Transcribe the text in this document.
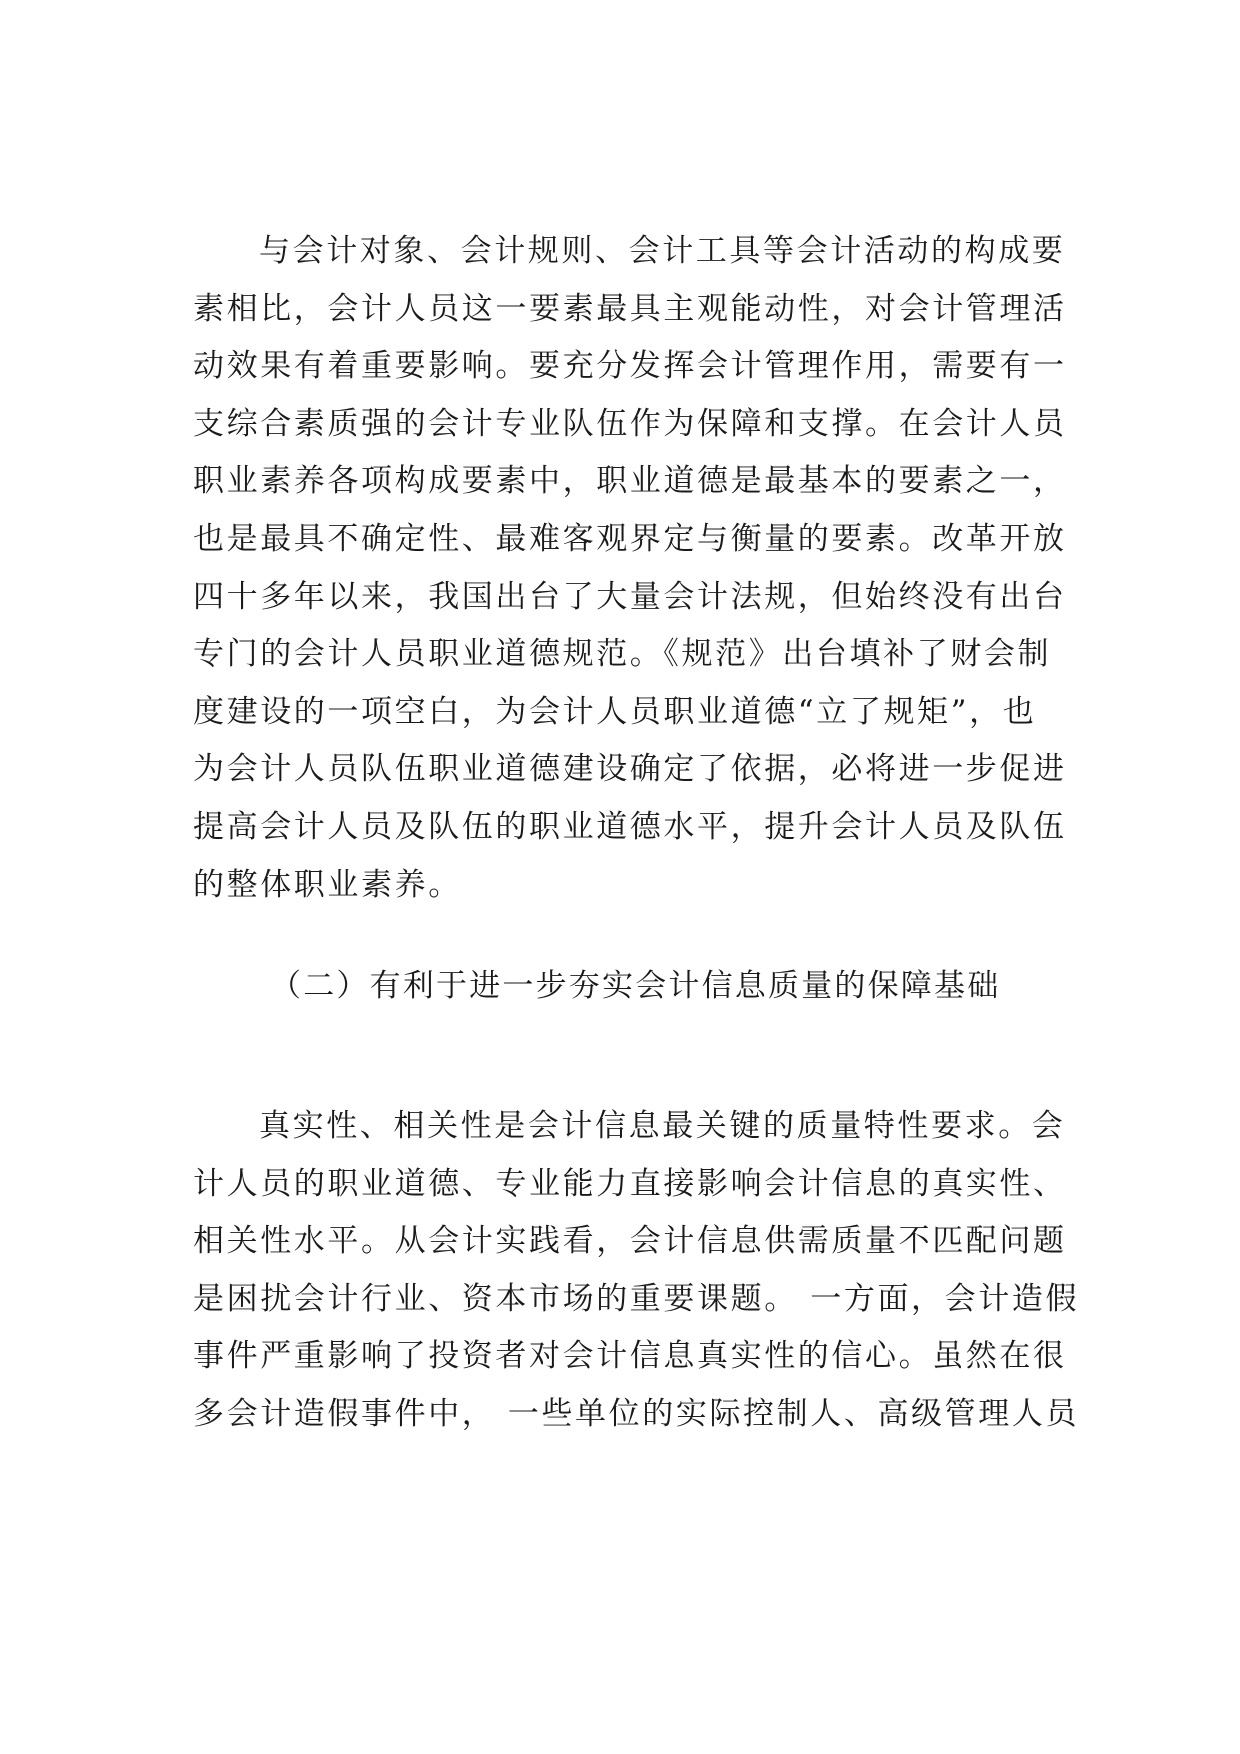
与会计对象、会计规则、会计工具等会计活动的构成要
素相比，会计人员这一要素最具主观能动性，对会计管理活
动效果有着重要影响。要充分发挥会计管理作用，需要有一
支综合素质强的会计专业队伍作为保障和支撑。在会计人员
职业素养各项构成要素中，职业道德是最基本的要素之一，
也是最具不确定性、最难客观界定与衡量的要素。改革开放
四十多年以来，我国出台了大量会计法规，但始终没有出台
专门的会计人员职业道德规范。《规范》出台填补了财会制
度建设的一项空白，为会计人员职业道德“立了规矩”，也
为会计人员队伍职业道德建设确定了依据，必将进一步促进
提高会计人员及队伍的职业道德水平，提升会计人员及队伍
的整体职业素养。
（二）有利于进一步夯实会计信息质量的保障基础
真实性、相关性是会计信息最关键的质量特性要求。会
计人员的职业道德、专业能力直接影响会计信息的真实性、
相关性水平。从会计实践看，会计信息供需质量不匹配问题
是困扰会计行业、资本市场的重要课题。 一方面，会计造假
事件严重影响了投资者对会计信息真实性的信心。虽然在很
多会计造假事件中， 一些单位的实际控制人、高级管理人员
